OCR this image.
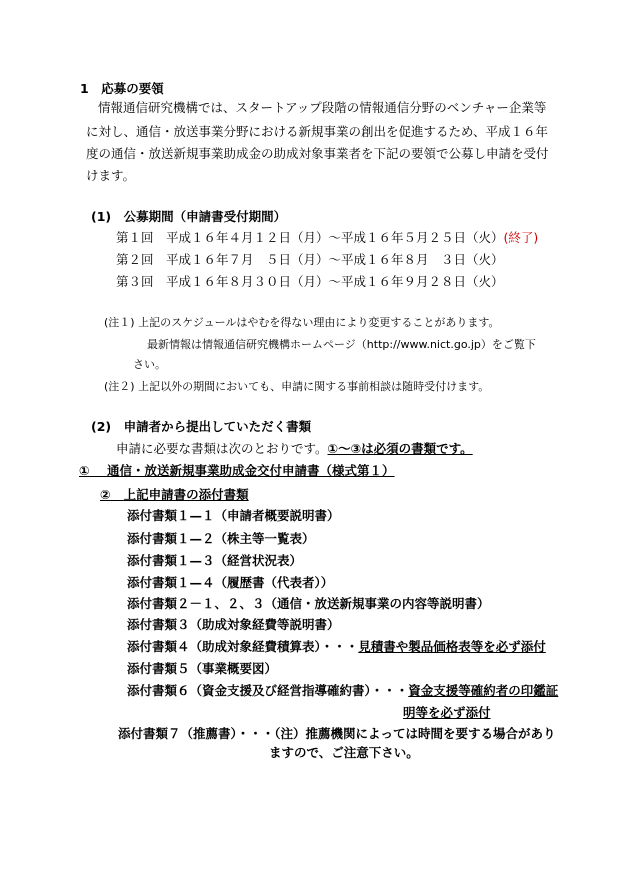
1　応募の要領
情報通信研究機構では、スタートアップ段階の情報通信分野のベンチャー企業等
に対し、通信・放送事業分野における新規事業の創出を促進するため、平成１６年
度の通信・放送新規事業助成金の助成対象事業者を下記の要領で公募し申請を受付
けます。
(1)　公募期間（申請書受付期間）
第１回　平成１６年４月１２日（月）～平成１６年５月２５日（火）(終了)
第２回　平成１６年７月　５日（月）～平成１６年８月　３日（火）
第３回　平成１６年８月３０日（月）～平成１６年９月２８日（火）
(注１) 上記のスケジュールはやむを得ない理由により変更することがあります。
最新情報は情報通信研究機構ホームページ（http://www.nict.go.jp）をご覧下
さい。
(注２) 上記以外の期間においても、申請に関する事前相談は随時受付けます。
(2)　申請者から提出していただく書類
申請に必要な書類は次のとおりです。①～③は必須の書類です。
① 通信・放送新規事業助成金交付申請書（様式第１）
② 上記申請書の添付書類
添付書類１—１（申請者概要説明書）
添付書類１—２（株主等一覧表）
添付書類１—３（経営状況表）
添付書類１—４（履歴書（代表者））
添付書類２－１、２、３（通信・放送新規事業の内容等説明書）
添付書類３（助成対象経費等説明書）
添付書類４（助成対象経費積算表）・・・見積書や製品価格表等を必ず添付
添付書類５（事業概要図）
添付書類６（資金支援及び経営指導確約書）・・・資金支援等確約者の印鑑証
明等を必ず添付
添付書類７（推薦書）・・・（注）推薦機関によっては時間を要する場合があり
ますので、ご注意下さい。
